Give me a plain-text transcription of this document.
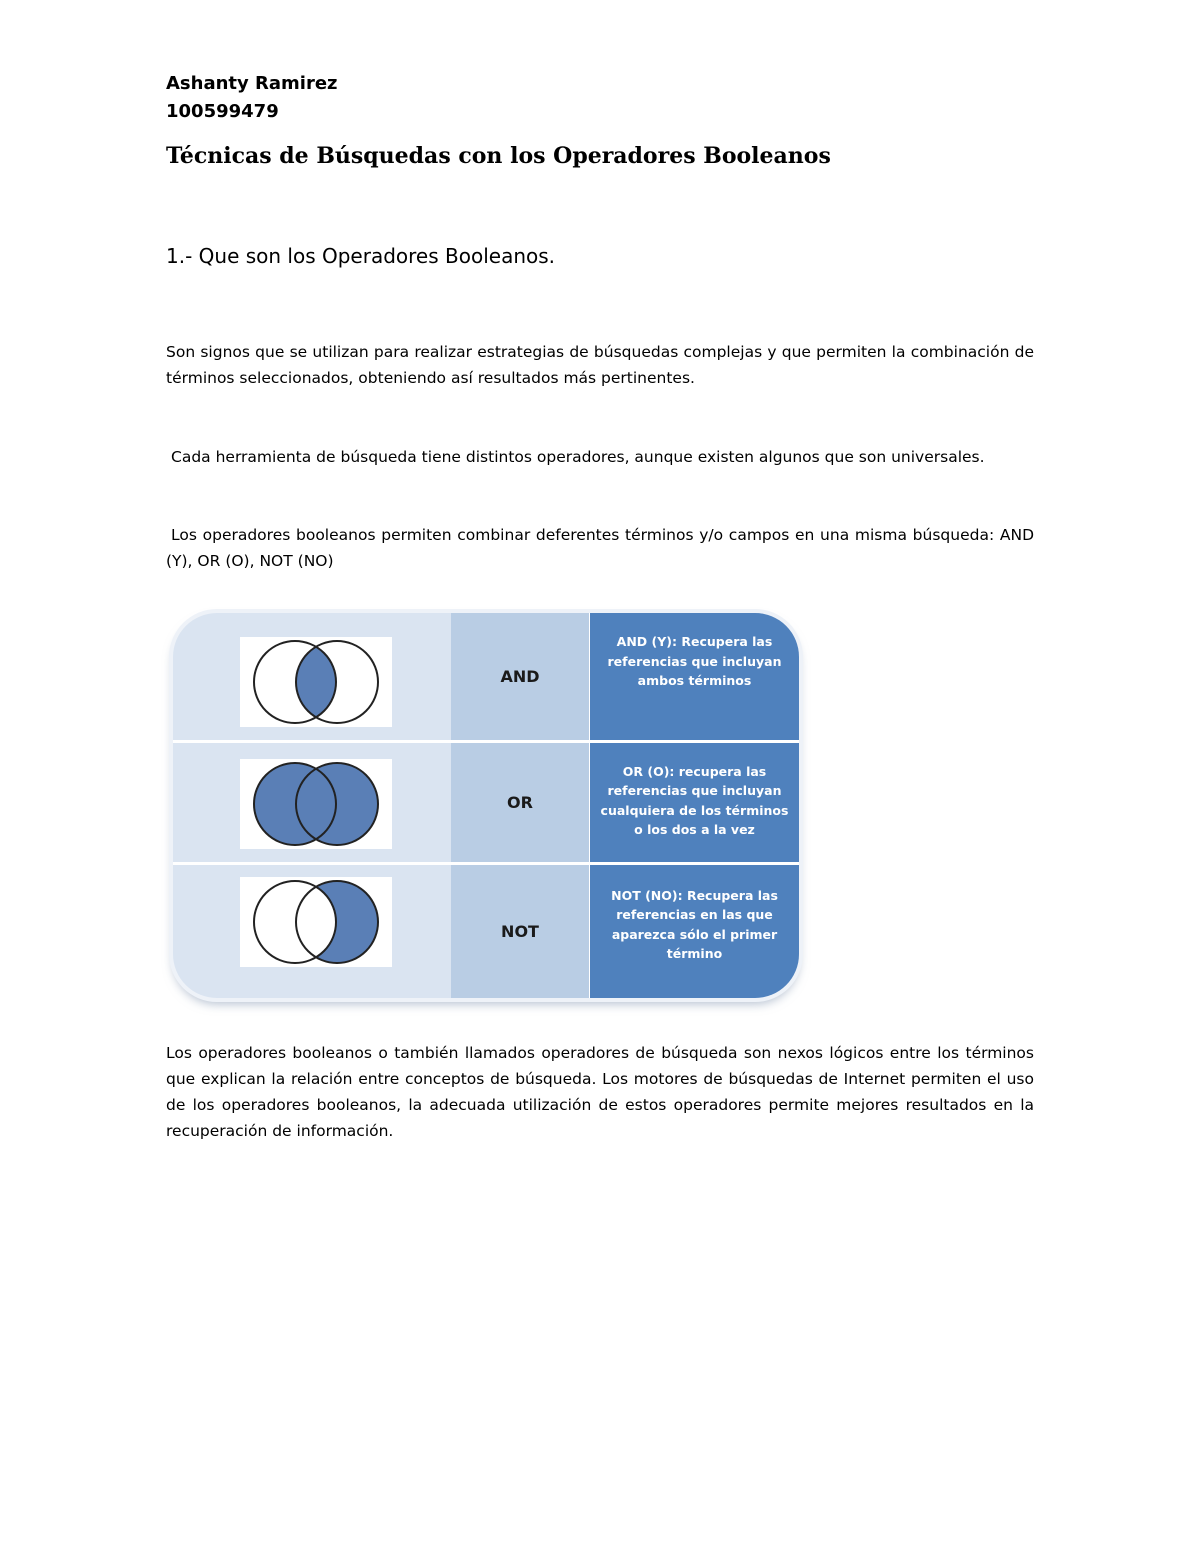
Ashanty Ramirez

100599479

Técnicas de Búsquedas con los Operadores Booleanos
1.- Que son los Operadores Booleanos.

Son signos que se utilizan para realizar estrategias de búsquedas complejas y que permiten la combinación de términos seleccionados, obteniendo así resultados más pertinentes.

Cada herramienta de búsqueda tiene distintos operadores, aunque existen algunos que son universales.

Los operadores booleanos permiten combinar deferentes términos y/o campos en una misma búsqueda: AND (Y), OR (O), NOT (NO)

AND
AND (Y): Recupera las referencias que incluyan ambos términos
OR
OR (O): recupera las referencias que incluyan cualquiera de los términos o los dos a la vez
NOT
NOT (NO): Recupera las referencias en las que aparezca sólo el primer término

Los operadores booleanos o también llamados operadores de búsqueda son nexos lógicos entre los términos que explican la relación entre conceptos de búsqueda. Los motores de búsquedas de Internet permiten el uso de los operadores booleanos, la adecuada utilización de estos operadores permite mejores resultados en la recuperación de información.
